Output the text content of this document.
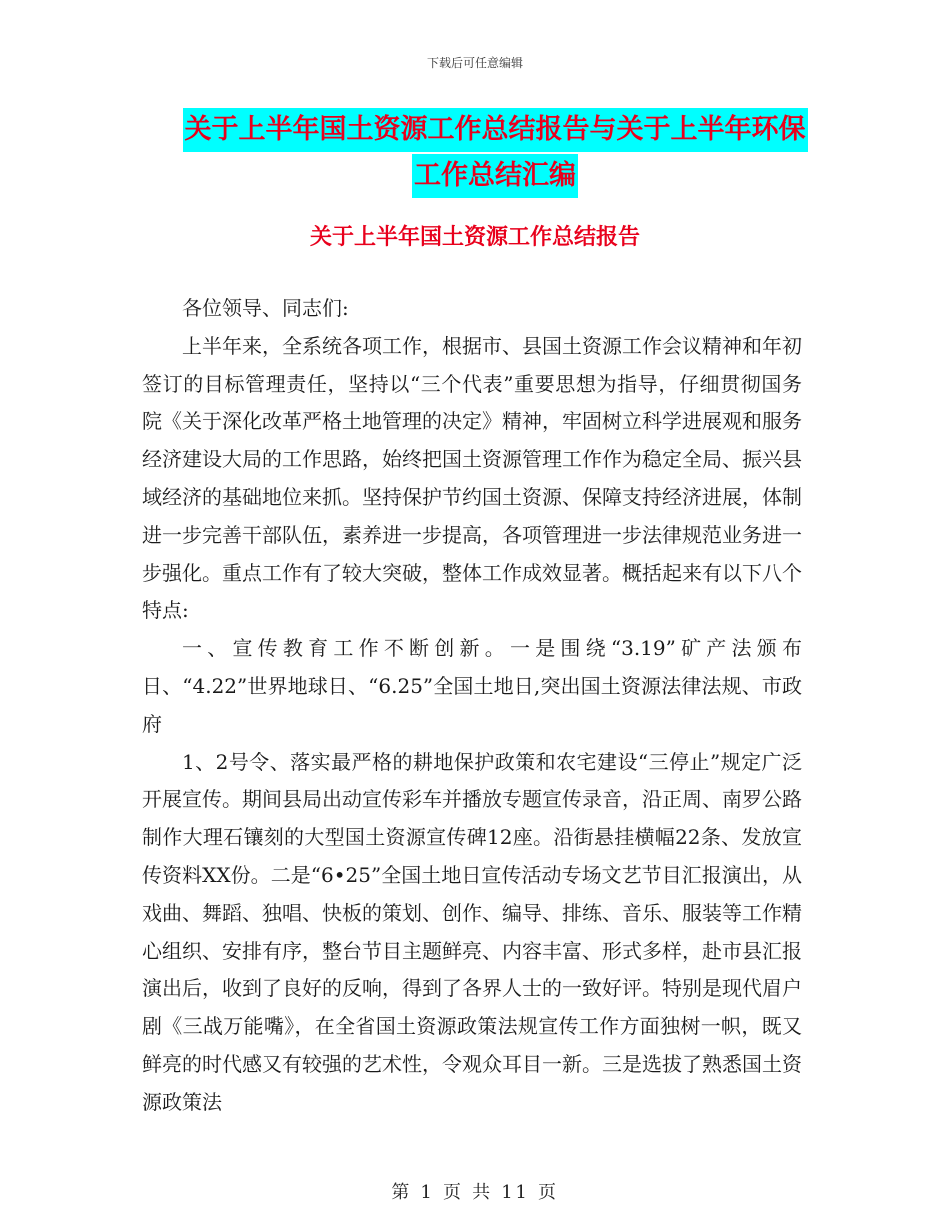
下载后可任意编辑
关于上半年国土资源工作总结报告与关于上半年环保
工作总结汇编
关于上半年国土资源工作总结报告

各位领导、同志们:

上半年来，全系统各项工作，根据市、县国土资源工作会议精神和年初签订的目标管理责任，坚持以“三个代表”重要思想为指导，仔细贯彻国务院《关于深化改革严格土地管理的决定》精神，牢固树立科学进展观和服务经济建设大局的工作思路，始终把国土资源管理工作作为稳定全局、振兴县域经济的基础地位来抓。坚持保护节约国土资源、保障支持经济进展，体制进一步完善干部队伍，素养进一步提高，各项管理进一步法律规范业务进一步强化。重点工作有了较大突破，整体工作成效显著。概括起来有以下八个特点:

一、宣传教育工作不断创新。一是围绕“3.19”矿产法颁布日、“4.22”世界地球日、“6.25”全国土地日,突出国土资源法律法规、市政府

1、2号令、落实最严格的耕地保护政策和农宅建设“三停止”规定广泛开展宣传。期间县局出动宣传彩车并播放专题宣传录音，沿正周、南罗公路制作大理石镶刻的大型国土资源宣传碑12座。沿街悬挂横幅22条、发放宣传资料XX份。二是“6•25”全国土地日宣传活动专场文艺节目汇报演出，从戏曲、舞蹈、独唱、快板的策划、创作、编导、排练、音乐、服装等工作精心组织、安排有序，整台节目主题鲜亮、内容丰富、形式多样，赴市县汇报演出后，收到了良好的反响，得到了各界人士的一致好评。特别是现代眉户剧《三战万能嘴》，在全省国土资源政策法规宣传工作方面独树一帜，既又鲜亮的时代感又有较强的艺术性，令观众耳目一新。三是选拔了熟悉国土资源政策法

第 1 页 共 11 页
